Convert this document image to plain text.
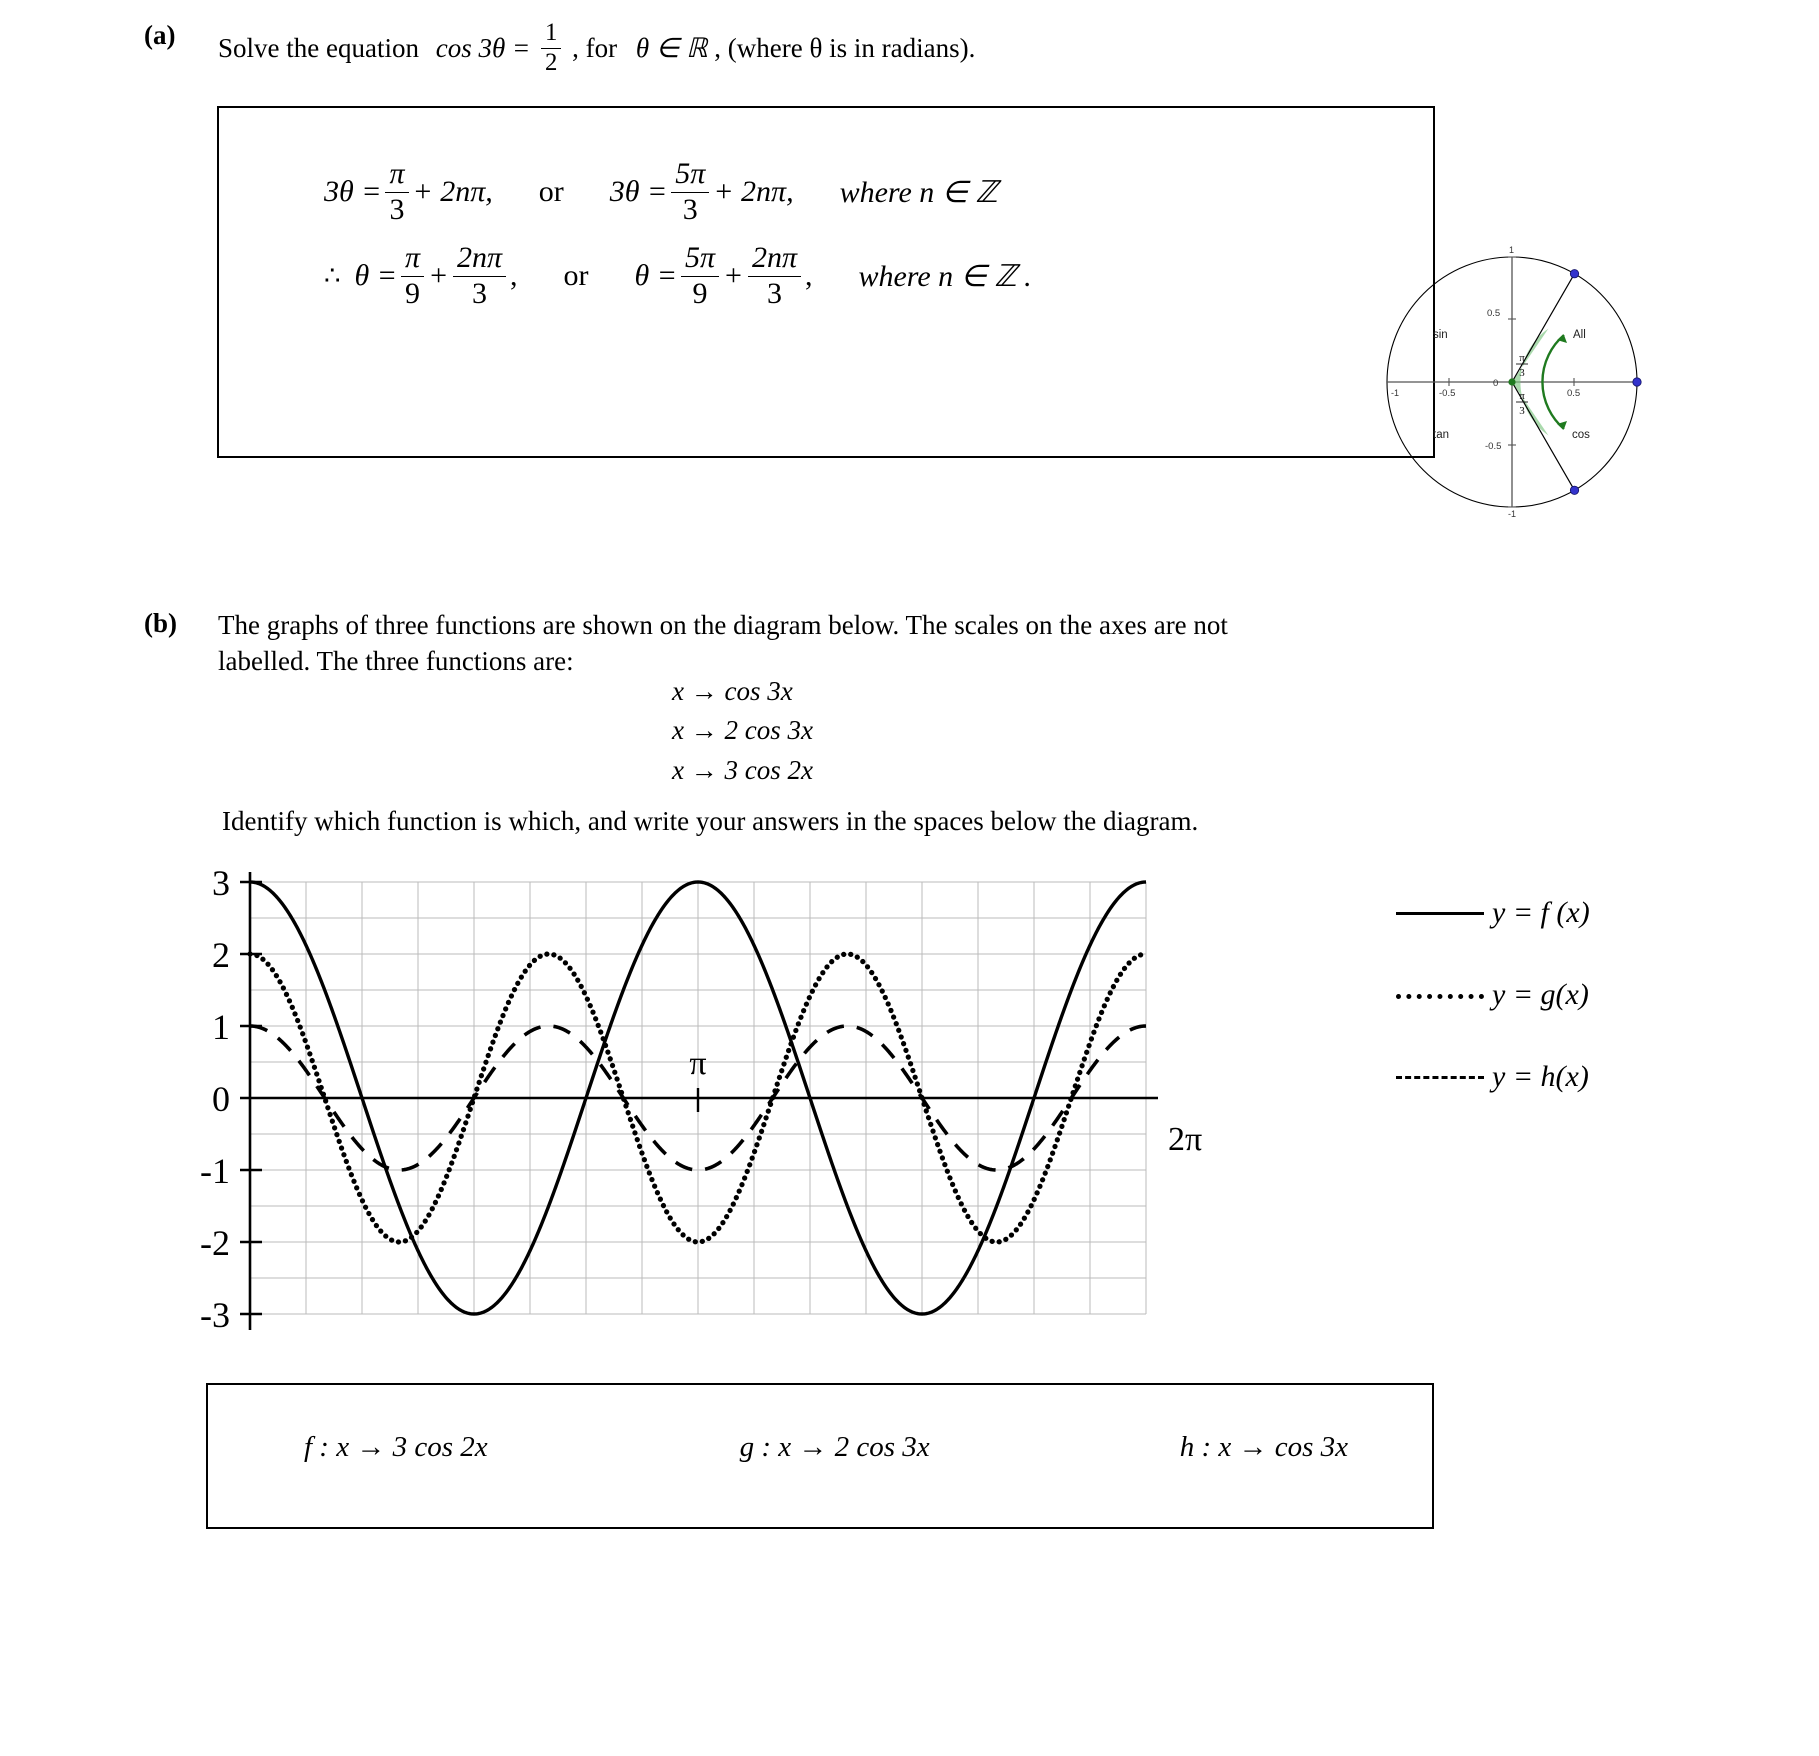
(a)	Solve the equation $\cos 3\theta = \frac{1}{2}$ , for θ ∈ ℝ , (where θ is in radians).
$3\theta = \frac{\pi}{3} + 2n\pi$, or $3\theta = \frac{5\pi}{3} + 2n\pi$, where n ∈ ℤ
∴ $\theta = \frac{\pi}{9} + \frac{2n\pi}{3}$ , or $\theta = \frac{5\pi}{9} + \frac{2n\pi}{3}$ , where n ∈ ℤ .
-1	-0.5	0.5
0
0.5
-0.5
1
-1
sin	All
tan	cos
π
3
π
3
(b)	The graphs of three functions are shown on the diagram below. The scales on the axes are not
labelled. The three functions are:
x → cos 3x
x → 2 cos 3x
x → 3 cos 2x
Identify which function is which, and write your answers in the spaces below the diagram.
3
2
1
0
-1
-2
-3
π
2π
y = f (x)
y = g(x)
y = h(x)
f : x → 3 cos 2x	g : x → 2 cos 3x	h : x → cos 3x
